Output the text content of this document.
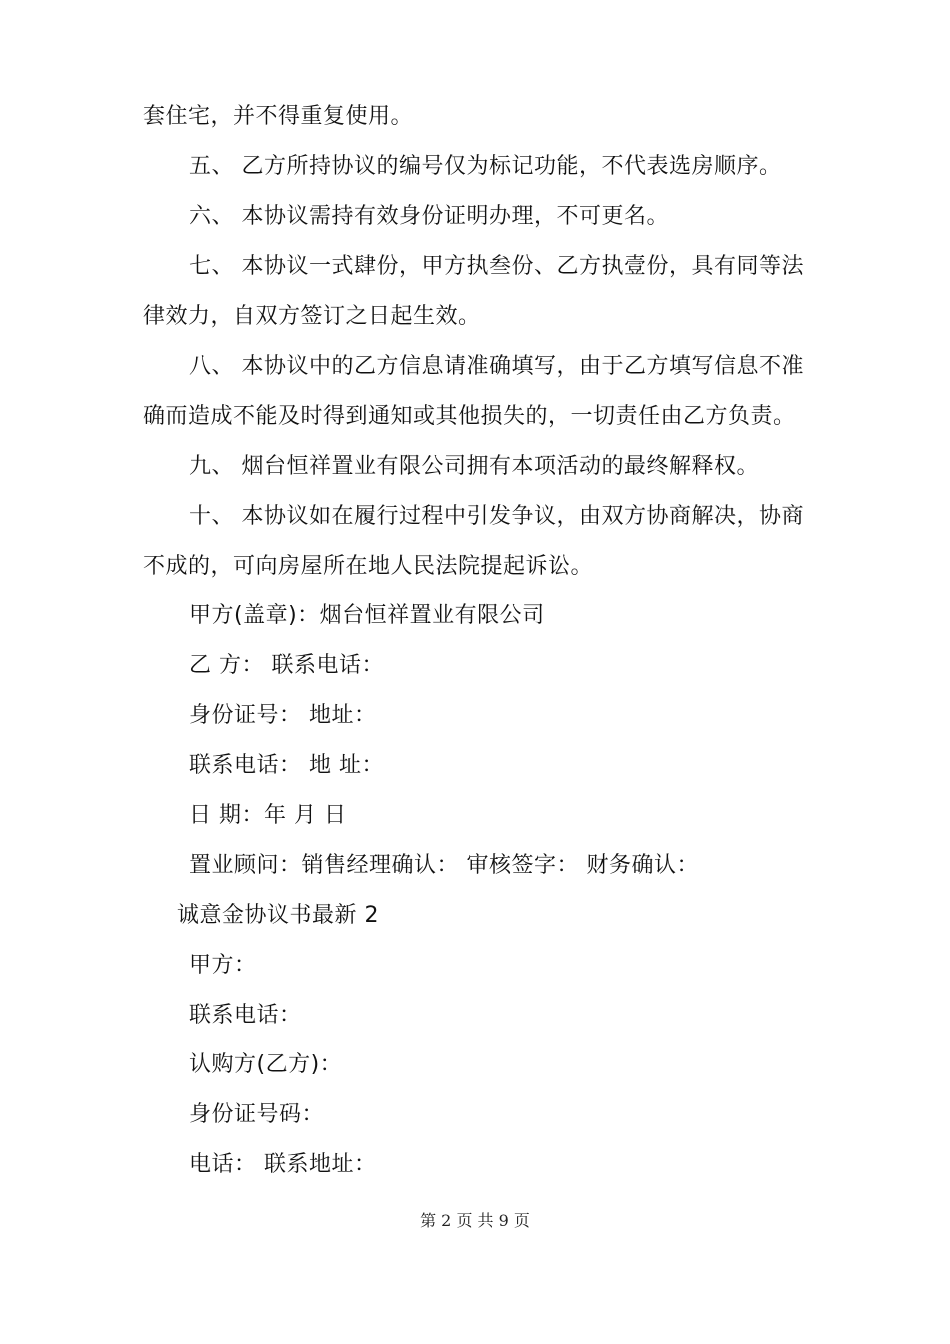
套住宅，并不得重复使用。
五、 乙方所持协议的编号仅为标记功能，不代表选房顺序。
六、 本协议需持有效身份证明办理，不可更名。
七、 本协议一式肆份，甲方执叁份、乙方执壹份，具有同等法
律效力，自双方签订之日起生效。
八、 本协议中的乙方信息请准确填写，由于乙方填写信息不准
确而造成不能及时得到通知或其他损失的，一切责任由乙方负责。
九、 烟台恒祥置业有限公司拥有本项活动的最终解释权。
十、 本协议如在履行过程中引发争议，由双方协商解决，协商
不成的，可向房屋所在地人民法院提起诉讼。
甲方(盖章)：烟台恒祥置业有限公司
乙 方： 联系电话：
身份证号： 地址：
联系电话： 地 址：
日 期：年 月 日
置业顾问：销售经理确认： 审核签字： 财务确认：
诚意金协议书最新 2
甲方：
联系电话：
认购方(乙方)：
身份证号码：
电话： 联系地址：
第 2 页 共 9 页
